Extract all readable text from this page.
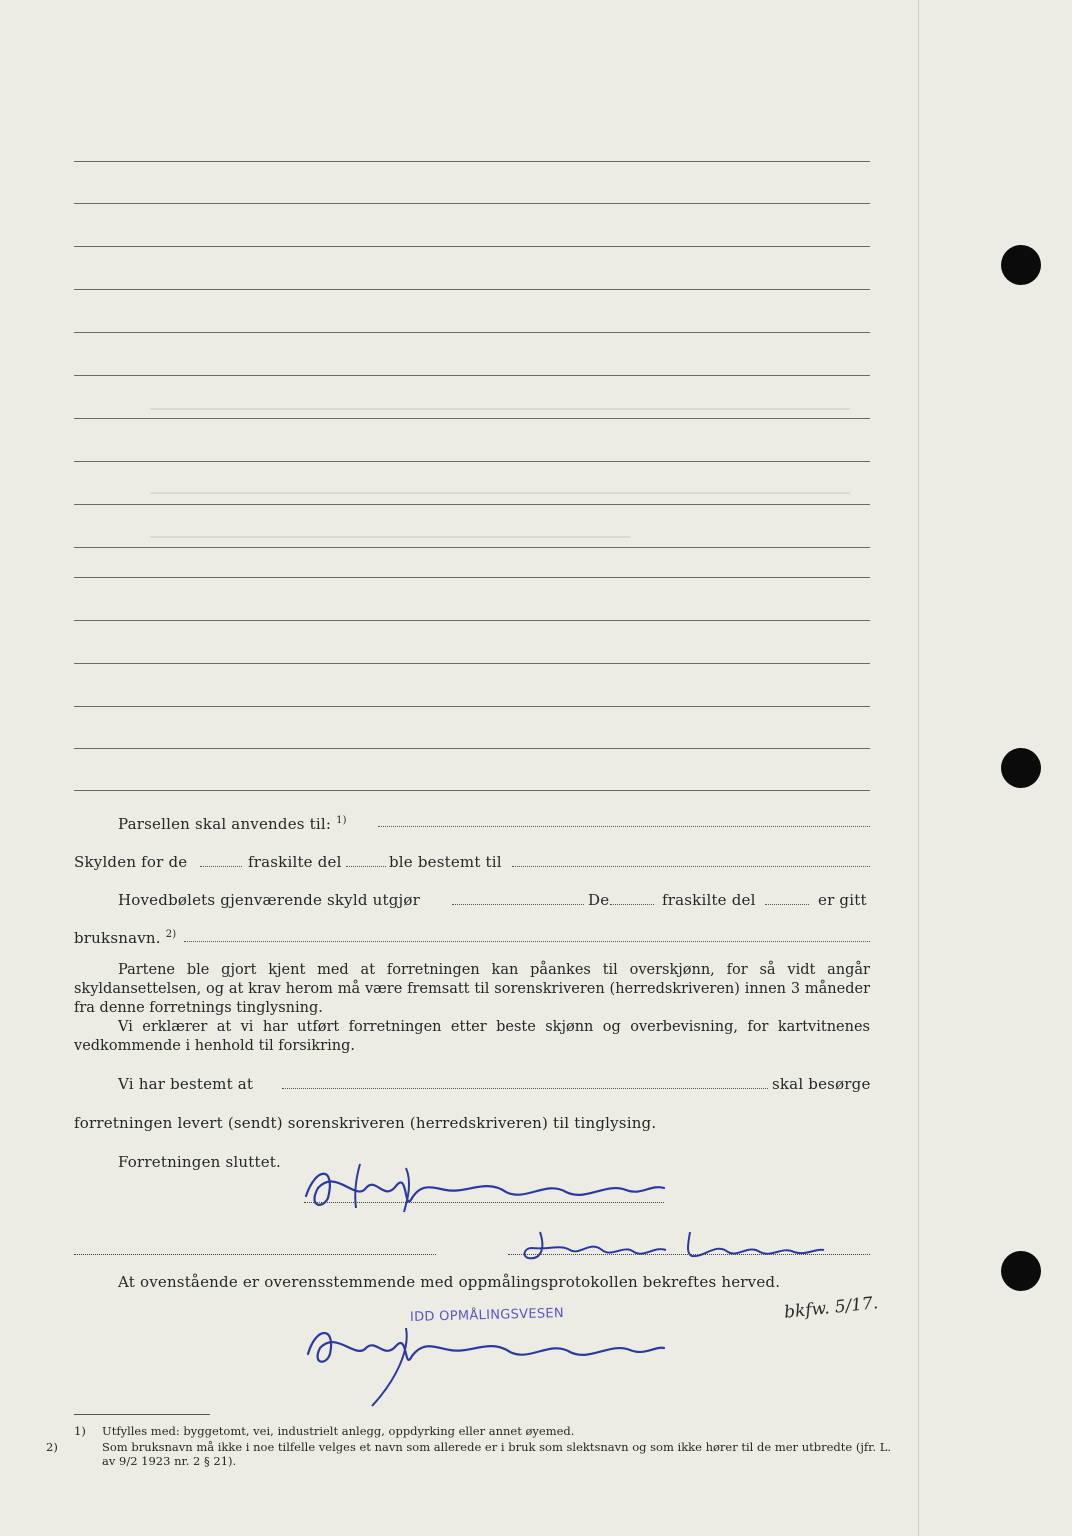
Parsellen skal anvendes til: $^{1)}$
Skylden for de	fraskilte del	ble bestemt til
Hovedbølets gjenværende skyld utgjør	De	fraskilte del	er gitt
bruksnavn. $^{2)}$

Partene ble gjort kjent med at forretningen kan påankes til overskjønn, for så vidt angår skyldansettelsen, og at krav herom må være fremsatt til sorenskriveren (herredskriveren) innen 3 måneder fra denne forretnings tinglysning.

Vi erklærer at vi har utført forretningen etter beste skjønn og overbevisning, for kartvitnenes vedkommende i henhold til forsikring.

Vi har bestemt at	skal besørge
forretningen levert (sendt) sorenskriveren (herredskriveren) til tinglysing.
Forretningen sluttet.
At ovenstående er overensstemmende med oppmålingsprotokollen bekreftes herved.
IDD OPMÅLINGSVESEN	bkfw. 5/17.
1) Utfylles med: byggetomt, vei, industrielt anlegg, oppdyrking eller annet øyemed.
2)	Som bruksnavn må ikke i noe tilfelle velges et navn som allerede er i bruk som slektsnavn og som ikke hører til de mer utbredte (jfr. L. av 9/2 1923 nr. 2 § 21).
